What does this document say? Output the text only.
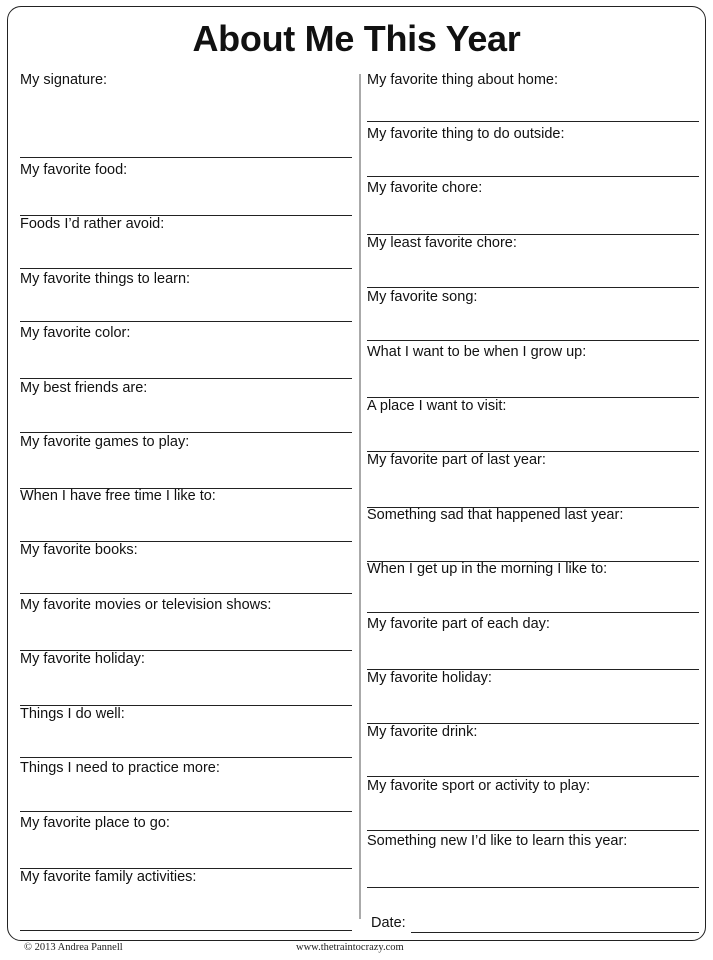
About Me This Year
My signature:
My favorite food:
Foods I’d rather avoid:
My favorite things to learn:
My favorite color:
My best friends are:
My favorite games to play:
When I have free time I like to:
My favorite books:
My favorite movies or television shows:
My favorite holiday:
Things I do well:
Things I need to practice more:
My favorite place to go:
My favorite family activities:
My favorite thing about home:
My favorite thing to do outside:
My favorite chore:
My least favorite chore:
My favorite song:
What I want to be when I grow up:
A place I want to visit:
My favorite part of last year:
Something sad that happened last year:
When I get up in the morning I like to:
My favorite part of each day:
My favorite holiday:
My favorite drink:
My favorite sport or activity to play:
Something new I’d like to learn this year:
Date:
© 2013 Andrea Pannell	www.thetraintocrazy.com
